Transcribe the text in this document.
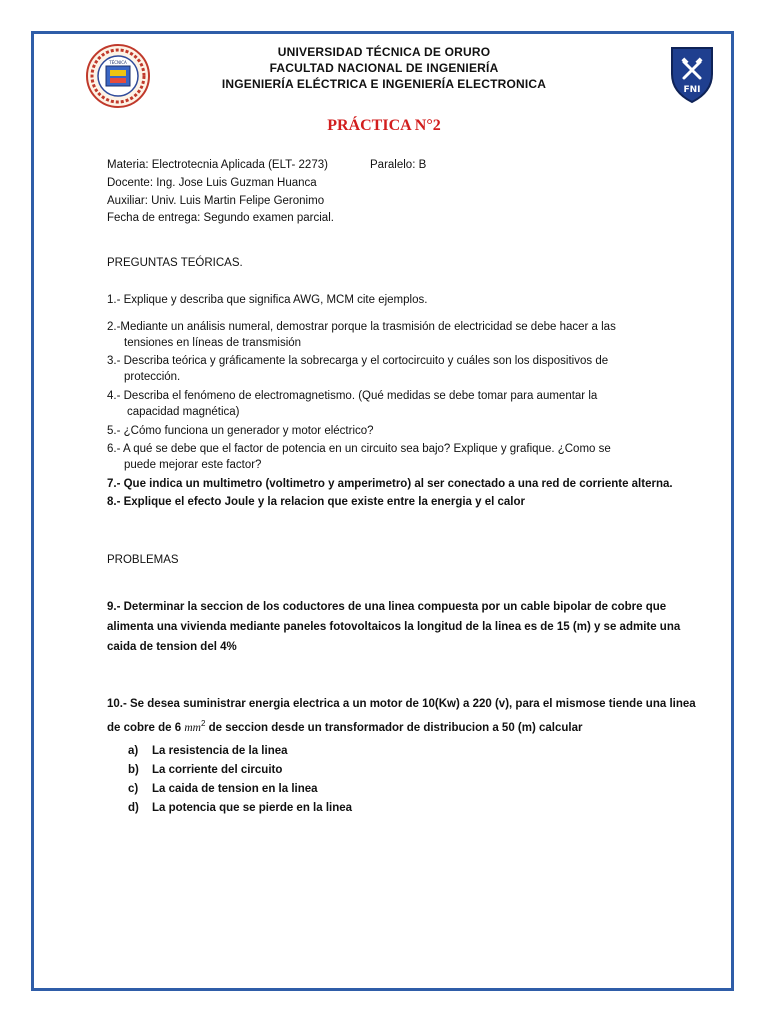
TÉCNICA
FNI
UNIVERSIDAD TÉCNICA DE ORURO
FACULTAD NACIONAL DE INGENIERÍA
INGENIERÍA ELÉCTRICA E INGENIERÍA ELECTRONICA
PRÁCTICA N°2
Materia: Electrotecnia Aplicada (ELT- 2273)	Paralelo: B
Docente: Ing. Jose Luis Guzman Huanca
Auxiliar: Univ. Luis Martin Felipe Geronimo
Fecha de entrega: Segundo examen parcial.
PREGUNTAS TEÓRICAS.
1.- Explique y describa que significa AWG, MCM cite ejemplos.
2.-Mediante un análisis numeral, demostrar porque la trasmisión de electricidad se debe hacer a las
tensiones en líneas de transmisión
3.- Describa teórica y gráficamente la sobrecarga y el cortocircuito y cuáles son los dispositivos de
protección.
4.- Describa el fenómeno de electromagnetismo. (Qué medidas se debe tomar para aumentar la
capacidad magnética)
5.- ¿Cómo funciona un generador y motor eléctrico?
6.- A qué se debe que el factor de potencia en un circuito sea bajo? Explique y grafique. ¿Como se
puede mejorar este factor?
7.- Que indica un multimetro (voltimetro y amperimetro) al ser conectado a una red de corriente alterna.
8.- Explique el efecto Joule y la relacion que existe entre la energia y el calor
PROBLEMAS
9.- Determinar la seccion de los coductores de una linea compuesta por un cable bipolar de cobre que
alimenta una vivienda mediante paneles fotovoltaicos la longitud de la linea es de 15 (m) y se admite una
caida de tension del 4%
10.- Se desea suministrar energia electrica a un motor de 10(Kw) a 220 (v), para el mismose tiende una linea
de cobre de 6 $mm^2$ de seccion desde un transformador de distribucion a 50 (m) calcular
a) La resistencia de la linea
b) La corriente del circuito
c) La caida de tension en la linea
d) La potencia que se pierde en la linea
